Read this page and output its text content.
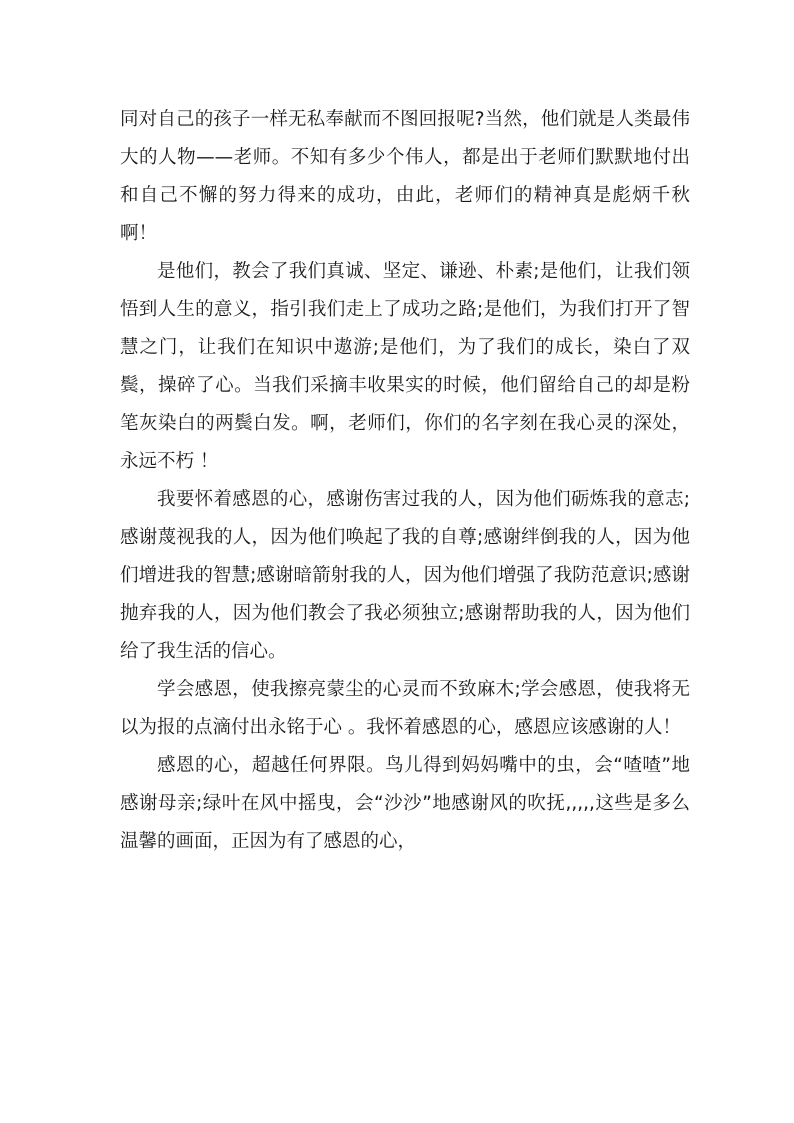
同对自己的孩子一样无私奉献而不图回报呢?当然，他们就是人类最伟大的人物——老师。不知有多少个伟人，都是出于老师们默默地付出和自己不懈的努力得来的成功，由此，老师们的精神真是彪炳千秋啊！

是他们，教会了我们真诚、坚定、谦逊、朴素;是他们，让我们领悟到人生的意义，指引我们走上了成功之路;是他们，为我们打开了智慧之门，让我们在知识中遨游;是他们，为了我们的成长，染白了双鬓，操碎了心。当我们采摘丰收果实的时候，他们留给自己的却是粉笔灰染白的两鬓白发。啊，老师们，你们的名字刻在我心灵的深处，永远不朽 ！

我要怀着感恩的心，感谢伤害过我的人，因为他们砺炼我的意志;感谢蔑视我的人，因为他们唤起了我的自尊;感谢绊倒我的人，因为他们增进我的智慧;感谢暗箭射我的人，因为他们增强了我防范意识;感谢抛弃我的人，因为他们教会了我必须独立;感谢帮助我的人，因为他们给了我生活的信心。

学会感恩，使我擦亮蒙尘的心灵而不致麻木;学会感恩，使我将无以为报的点滴付出永铭于心 。我怀着感恩的心，感恩应该感谢的人！

感恩的心，超越任何界限。鸟儿得到妈妈嘴中的虫，会“喳喳”地感谢母亲;绿叶在风中摇曳，会“沙沙”地感谢风的吹抚,,,,,这些是多么温馨的画面，正因为有了感恩的心，
